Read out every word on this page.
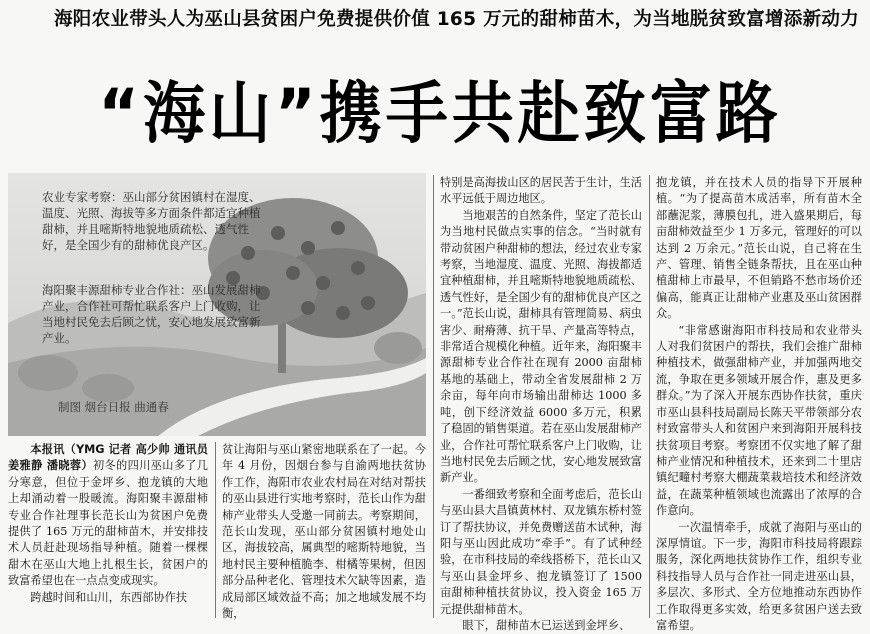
海阳农业带头人为巫山县贫困户免费提供价值 165 万元的甜柿苗木，为当地脱贫致富增添新动力
“海山”携手共赴致富路
农业专家考察：巫山部分贫困镇村在湿度、温度、光照、海拔等多方面条件都适宜种植甜柿，并且嘧斯特地貌地质疏松、透气性好，是全国少有的甜柿优良产区。
海阳聚丰源甜柿专业合作社：巫山发展甜柿产业，合作社可帮忙联系客户上门收购，让当地村民免去后顾之忧，安心地发展致富新产业。
制图 烟台日报 曲通春

本报讯（YMG 记者 高少帅 通讯员 姜雅静 潘晓蓉）初冬的四川巫山多了几分寒意，但位于金坪乡、抱龙镇的大地上却涌动着一股暖流。海阳聚丰源甜柿专业合作社理事长范长山为贫困户免费提供了 165 万元的甜柿苗木，并安排技术人员赶赴现场指导种植。随着一棵棵甜木在巫山大地上扎根生长，贫困户的致富希望也在一点点变成现实。

跨越时间和山川，东西部协作扶

贫让海阳与巫山紧密地联系在了一起。今年 4 月份，因烟台参与自渝两地扶贫协作工作，海阳市农业农村局在对结对帮扶的巫山县进行实地考察时，范长山作为甜柿产业带头人受邀一同前去。考察期间，范长山发现，巫山部分贫困镇村地处山区，海拔较高，属典型的嘧斯特地貌，当地村民主要种植脆李、柑橘等果树，但因部分品种老化、管理技术欠缺等因素，造成局部区域效益不高；加之地域发展不均衡，

特别是高海拔山区的居民苦于生计，生活水平远低于周边地区。

当地艰苦的自然条件，坚定了范长山为当地村民做点实事的信念。“当时就有带动贫困户种甜柿的想法，经过农业专家考察，当地湿度、温度、光照、海拔都适宜种植甜柿，并且嘧斯特地貌地质疏松、透气性好，是全国少有的甜柿优良产区之一。”范长山说，甜柿具有管理简易、病虫害少、耐瘠薄、抗干旱、产量高等特点，非常适合规模化种植。近年来，海阳聚丰源甜柿专业合作社在现有 2000 亩甜柿基地的基础上，带动全省发展甜柿 2 万余亩，每年向市场输出甜柿达 1000 多吨，创下经济效益 6000 多万元，积累了稳固的销售渠道。若在巫山发展甜柿产业，合作社可帮忙联系客户上门收购，让当地村民免去后顾之忧，安心地发展致富新产业。

一番细致考察和全面考虑后，范长山与巫山县大昌镇黄林村、双龙镇东桥村签订了帮扶协议，并免费赠送苗木试种，海阳与巫山因此成功“牵手”。有了试种经验，在市科技局的牵线搭桥下，范长山又与巫山县金坪乡、抱龙镇签订了 1500 亩甜柿种植扶贫协议，投入资金 165 万元提供甜柿苗木。

眼下，甜柿苗木已运送到金坪乡、

抱龙镇，并在技术人员的指导下开展种植。“为了提高苗木成活率，所有苗木全部蘸泥浆，薄膜包扎，进入盛果期后，每亩甜柿效益至少 1 万多元，管理好的可以达到 2 万余元。”范长山说，自己将在生产、管理、销售全链条帮扶，且在巫山种植甜柿上市最早，不但销路不愁市场价还偏高，能真正让甜柿产业惠及巫山贫困群众。

“非常感谢海阳市科技局和农业带头人对我们贫困户的帮扶，我们会推广甜柿种植技术，做强甜柿产业，并加强两地交流，争取在更多领域开展合作，惠及更多群众。”为了深入开展东西协作扶贫，重庆市巫山县科技局副局长陈天平带领部分农村致富带头人和贫困户来到海阳开展科技扶贫项目考察。考察团不仅实地了解了甜柿产业情况和种植技术，还来到二十里店镇纪疃村考察大棚蔬菜栽培技术和经济效益，在蔬菜种植领域也流露出了浓厚的合作意向。

一次温情牵手，成就了海阳与巫山的深厚情谊。下一步，海阳市科技局将跟踪服务，深化两地扶贫协作工作，组织专业科技指导人员与合作社一同走进巫山县，多层次、多形式、全方位地推动东西协作工作取得更多实效，给更多贫困户送去致富希望。
